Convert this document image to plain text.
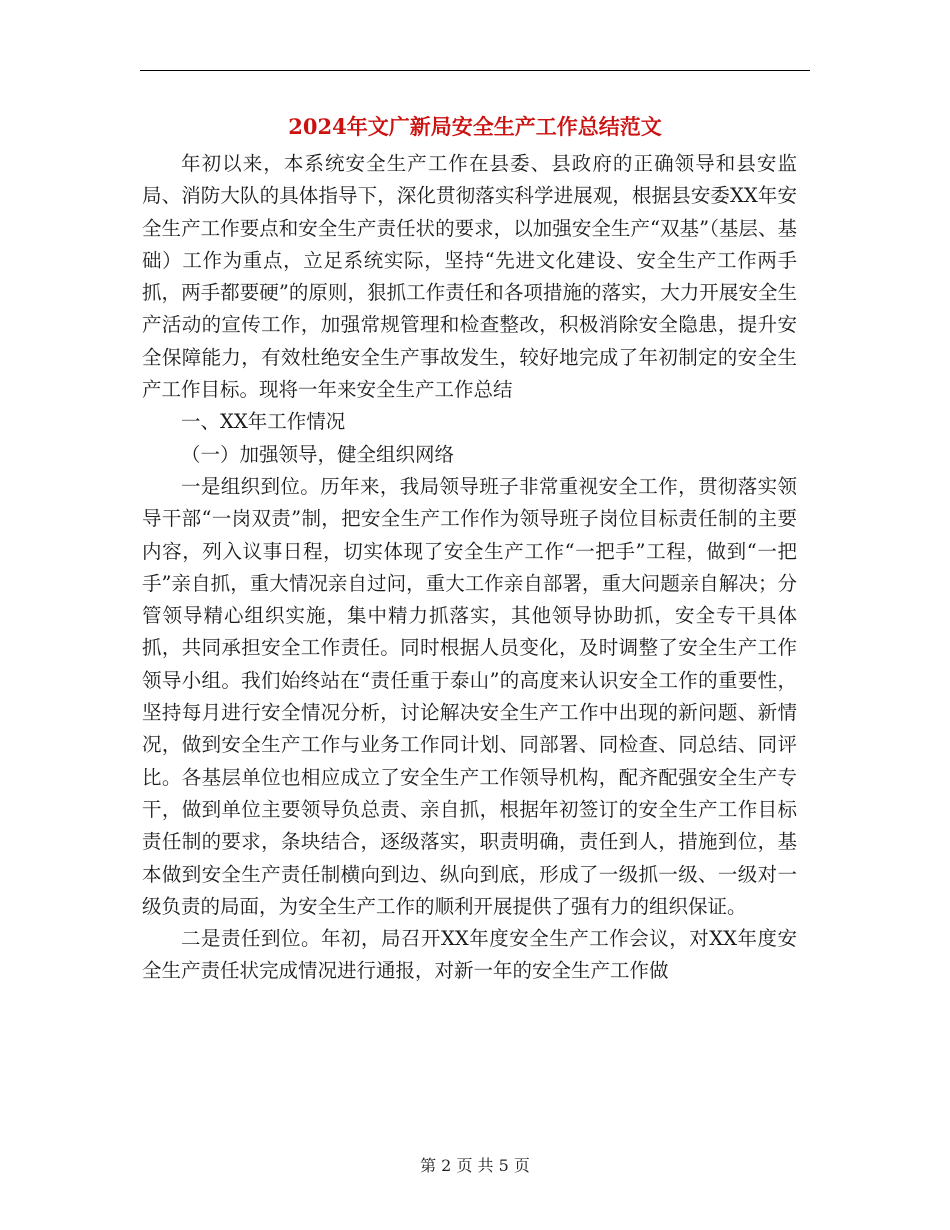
2024年文广新局安全生产工作总结范文

年初以来，本系统安全生产工作在县委、县政府的正确领导和县安监局、消防大队的具体指导下，深化贯彻落实科学进展观，根据县安委XX年安全生产工作要点和安全生产责任状的要求，以加强安全生产“双基”（基层、基础）工作为重点，立足系统实际，坚持“先进文化建设、安全生产工作两手抓，两手都要硬”的原则，狠抓工作责任和各项措施的落实，大力开展安全生产活动的宣传工作，加强常规管理和检查整改，积极消除安全隐患，提升安全保障能力，有效杜绝安全生产事故发生，较好地完成了年初制定的安全生产工作目标。现将一年来安全生产工作总结

一、XX年工作情况

（一）加强领导，健全组织网络

一是组织到位。历年来，我局领导班子非常重视安全工作，贯彻落实领导干部“一岗双责”制，把安全生产工作作为领导班子岗位目标责任制的主要内容，列入议事日程，切实体现了安全生产工作“一把手”工程，做到“一把手”亲自抓，重大情况亲自过问，重大工作亲自部署，重大问题亲自解决；分管领导精心组织实施，集中精力抓落实，其他领导协助抓，安全专干具体抓，共同承担安全工作责任。同时根据人员变化，及时调整了安全生产工作领导小组。我们始终站在“责任重于泰山”的高度来认识安全工作的重要性，坚持每月进行安全情况分析，讨论解决安全生产工作中出现的新问题、新情况，做到安全生产工作与业务工作同计划、同部署、同检查、同总结、同评比。各基层单位也相应成立了安全生产工作领导机构，配齐配强安全生产专干，做到单位主要领导负总责、亲自抓，根据年初签订的安全生产工作目标责任制的要求，条块结合，逐级落实，职责明确，责任到人，措施到位，基本做到安全生产责任制横向到边、纵向到底，形成了一级抓一级、一级对一级负责的局面，为安全生产工作的顺利开展提供了强有力的组织保证。

二是责任到位。年初，局召开XX年度安全生产工作会议，对XX年度安全生产责任状完成情况进行通报，对新一年的安全生产工作做

第 2 页 共 5 页
